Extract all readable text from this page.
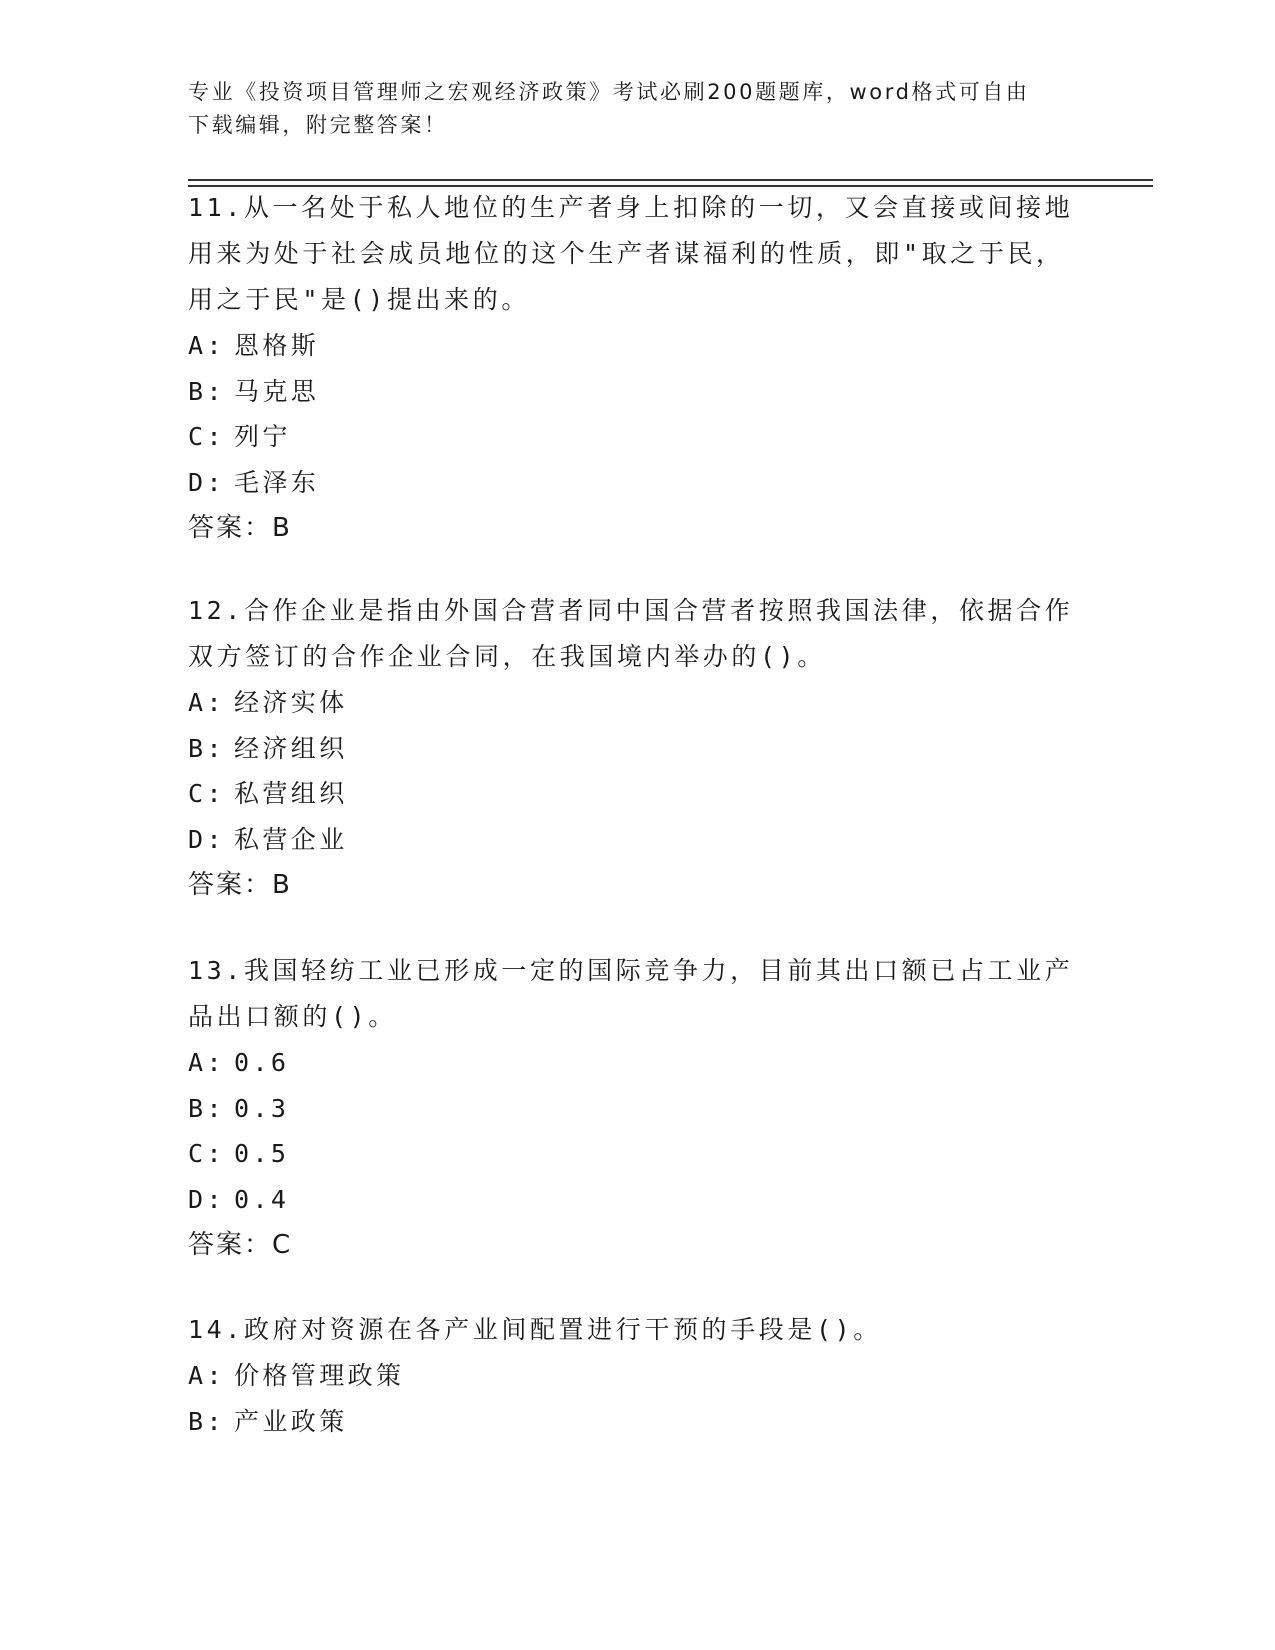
专业《投资项目管理师之宏观经济政策》考试必刷200题题库，word格式可自由
下载编辑，附完整答案！
11.从一名处于私人地位的生产者身上扣除的一切，又会直接或间接地
用来为处于社会成员地位的这个生产者谋福利的性质，即"取之于民，
用之于民"是()提出来的。
A: 恩格斯
B: 马克思
C: 列宁
D: 毛泽东
答案：B
12.合作企业是指由外国合营者同中国合营者按照我国法律，依据合作
双方签订的合作企业合同，在我国境内举办的()。
A: 经济实体
B: 经济组织
C: 私营组织
D: 私营企业
答案：B
13.我国轻纺工业已形成一定的国际竞争力，目前其出口额已占工业产
品出口额的()。
A: 0.6
B: 0.3
C: 0.5
D: 0.4
答案：C
14.政府对资源在各产业间配置进行干预的手段是()。
A: 价格管理政策
B: 产业政策
